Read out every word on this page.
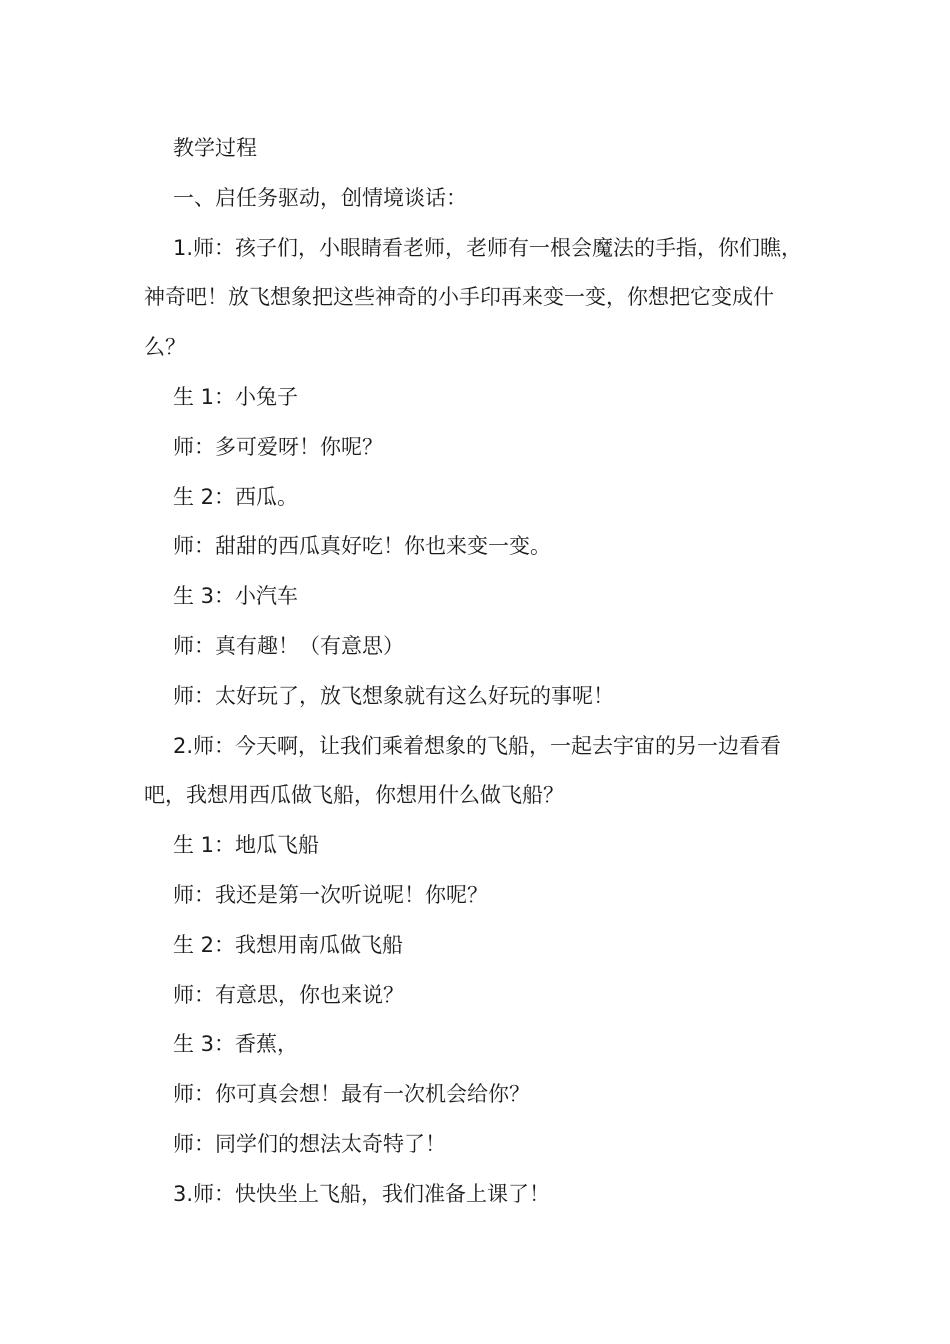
教学过程

一、启任务驱动，创情境谈话：

1.师：孩子们，小眼睛看老师，老师有一根会魔法的手指，你们瞧，神奇吧！放飞想象把这些神奇的小手印再来变一变，你想把它变成什么？

生 1：小兔子

师：多可爱呀！你呢？

生 2：西瓜。

师：甜甜的西瓜真好吃！你也来变一变。

生 3：小汽车

师：真有趣！（有意思）

师：太好玩了，放飞想象就有这么好玩的事呢！

2.师：今天啊，让我们乘着想象的飞船，一起去宇宙的另一边看看吧，我想用西瓜做飞船，你想用什么做飞船？

生 1：地瓜飞船

师：我还是第一次听说呢！你呢？

生 2：我想用南瓜做飞船

师：有意思，你也来说？

生 3：香蕉，

师：你可真会想！最有一次机会给你？

师：同学们的想法太奇特了！

3.师：快快坐上飞船，我们准备上课了！
